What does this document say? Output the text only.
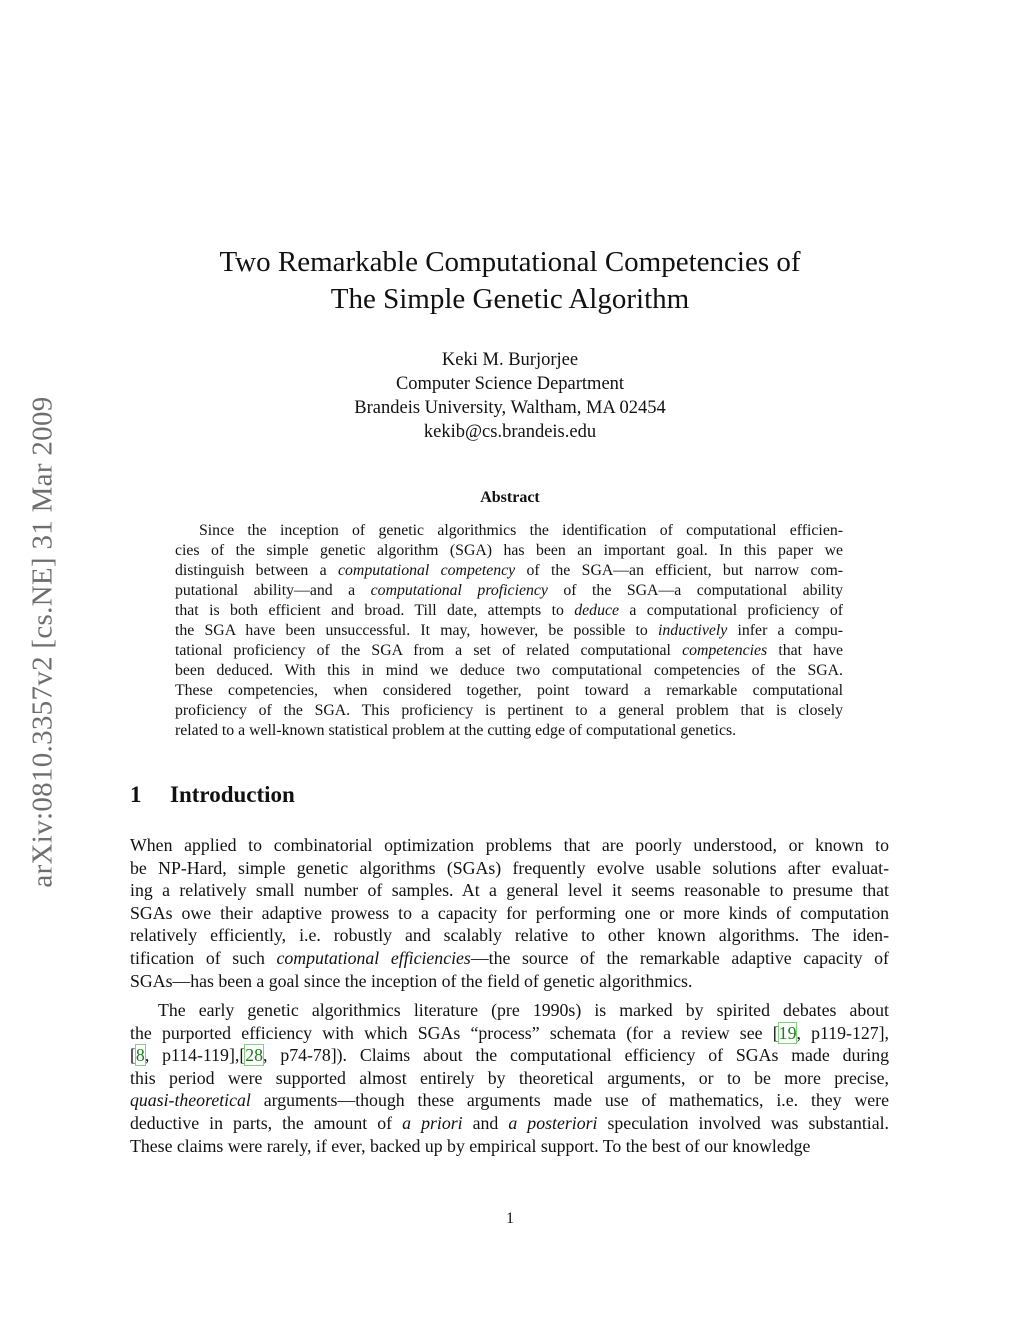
arXiv:0810.3357v2 [cs.NE] 31 Mar 2009
Two Remarkable Computational Competencies of
The Simple Genetic Algorithm
Keki M. Burjorjee
Computer Science Department
Brandeis University, Waltham, MA 02454
kekib@cs.brandeis.edu
Abstract
Since the inception of genetic algorithmics the identification of computational efficien-
cies of the simple genetic algorithm (SGA) has been an important goal. In this paper we
distinguish between a computational competency of the SGA—an efficient, but narrow com-
putational ability—and a computational proficiency of the SGA—a computational ability
that is both efficient and broad. Till date, attempts to deduce a computational proficiency of
the SGA have been unsuccessful. It may, however, be possible to inductively infer a compu-
tational proficiency of the SGA from a set of related computational competencies that have
been deduced. With this in mind we deduce two computational competencies of the SGA.
These competencies, when considered together, point toward a remarkable computational
proficiency of the SGA. This proficiency is pertinent to a general problem that is closely
related to a well-known statistical problem at the cutting edge of computational genetics.
1 Introduction
When applied to combinatorial optimization problems that are poorly understood, or known to
be NP-Hard, simple genetic algorithms (SGAs) frequently evolve usable solutions after evaluat-
ing a relatively small number of samples. At a general level it seems reasonable to presume that
SGAs owe their adaptive prowess to a capacity for performing one or more kinds of computation
relatively efficiently, i.e. robustly and scalably relative to other known algorithms. The iden-
tification of such computational efficiencies—the source of the remarkable adaptive capacity of
SGAs—has been a goal since the inception of the field of genetic algorithmics.
The early genetic algorithmics literature (pre 1990s) is marked by spirited debates about
the purported efficiency with which SGAs “process” schemata (for a review see [19, p119-127],
[8, p114-119],[28, p74-78]). Claims about the computational efficiency of SGAs made during
this period were supported almost entirely by theoretical arguments, or to be more precise,
quasi-theoretical arguments—though these arguments made use of mathematics, i.e. they were
deductive in parts, the amount of a priori and a posteriori speculation involved was substantial.
These claims were rarely, if ever, backed up by empirical support. To the best of our knowledge
1
